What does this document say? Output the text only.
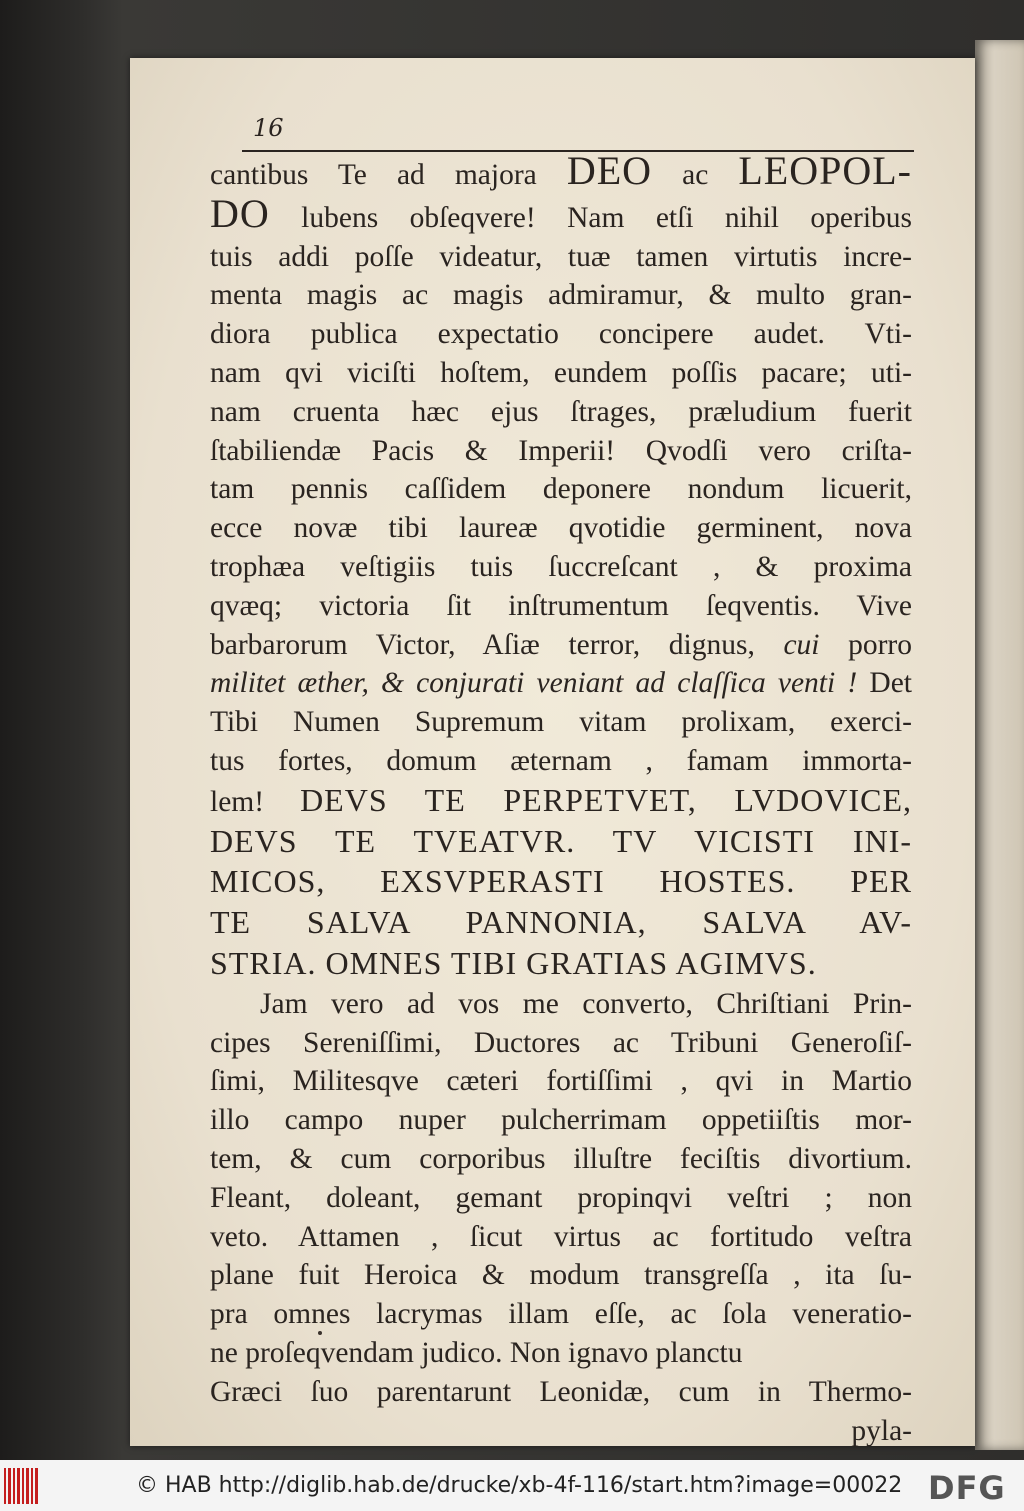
16
cantibus Te ad majora DEO ac LEOPOL-
DO lubens obſeqvere! Nam etſi nihil operibus
tuis addi poſſe videatur, tuæ tamen virtutis incre-
menta magis ac magis admiramur, & multo gran-
diora publica expectatio concipere audet. Vti-
nam qvi viciſti hoſtem, eundem poſſis pacare; uti-
nam cruenta hæc ejus ſtrages, præludium fuerit
ſtabiliendæ Pacis & Imperii! Qvodſi vero criſta-
tam pennis caſſidem deponere nondum licuerit,
ecce novæ tibi laureæ qvotidie germinent, nova
trophæa veſtigiis tuis ſuccreſcant , & proxima
qvæq; victoria ſit inſtrumentum ſeqventis. Vive
barbarorum Victor, Aſiæ terror, dignus, cui porro
militet æther, & conjurati veniant ad claſſica venti ! Det
Tibi Numen Supremum vitam prolixam, exerci-
tus fortes, domum æternam , famam immorta-
lem! DEVS TE PERPETVET, LVDOVICE,
DEVS TE TVEATVR. TV VICISTI INI-
MICOS, EXSVPERASTI HOSTES. PER
TE SALVA PANNONIA, SALVA AV-
STRIA. OMNES TIBI GRATIAS AGIMVS.
Jam vero ad vos me converto, Chriſtiani Prin-
cipes Sereniſſimi, Ductores ac Tribuni Generoſiſ-
ſimi, Militesqve cæteri fortiſſimi , qvi in Martio
illo campo nuper pulcherrimam oppetiiſtis mor-
tem, & cum corporibus illuſtre feciſtis divortium.
Fleant, doleant, gemant propinqvi veſtri ; non
veto. Attamen , ſicut virtus ac fortitudo veſtra
plane fuit Heroica & modum transgreſſa , ita ſu-
pra omnes lacrymas illam eſſe, ac ſola veneratio-
ne proſeqvendam judico. Non ignavo planctu
Græci ſuo parentarunt Leonidæ, cum in Thermo-
pyla-
© HAB http://diglib.hab.de/drucke/xb-4f-116/start.htm?image=00022 DFG
